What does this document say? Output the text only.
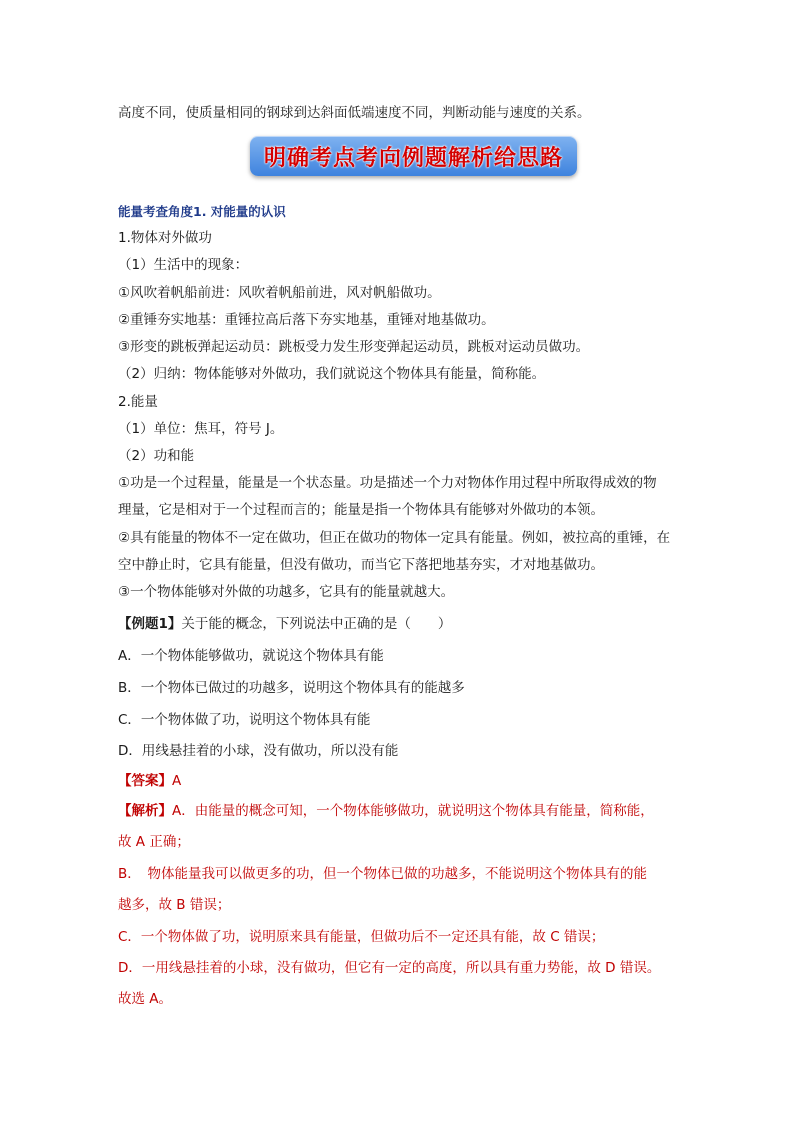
高度不同，使质量相同的钢球到达斜面低端速度不同，判断动能与速度的关系。
明确考点考向例题解析给思路
能量考查角度1. 对能量的认识
1.物体对外做功
（1）生活中的现象：
①风吹着帆船前进：风吹着帆船前进，风对帆船做功。
②重锤夯实地基：重锤拉高后落下夯实地基，重锤对地基做功。
③形变的跳板弹起运动员：跳板受力发生形变弹起运动员，跳板对运动员做功。
（2）归纳：物体能够对外做功，我们就说这个物体具有能量，简称能。
2.能量
（1）单位：焦耳，符号 J。
（2）功和能
①功是一个过程量，能量是一个状态量。功是描述一个力对物体作用过程中所取得成效的物
理量，它是相对于一个过程而言的；能量是指一个物体具有能够对外做功的本领。
②具有能量的物体不一定在做功，但正在做功的物体一定具有能量。例如，被拉高的重锤，在
空中静止时，它具有能量，但没有做功，而当它下落把地基夯实，才对地基做功。
③一个物体能够对外做的功越多，它具有的能量就越大。
【例题1】关于能的概念，下列说法中正确的是（　　）
A．一个物体能够做功，就说这个物体具有能
B．一个物体已做过的功越多，说明这个物体具有的能越多
C．一个物体做了功，说明这个物体具有能
D．用线悬挂着的小球，没有做功，所以没有能
【答案】A
【解析】A．由能量的概念可知，一个物体能够做功，就说明这个物体具有能量，简称能，
故 A 正确；
B．　物体能量我可以做更多的功，但一个物体已做的功越多，不能说明这个物体具有的能
越多，故 B 错误；
C．一个物体做了功，说明原来具有能量，但做功后不一定还具有能，故 C 错误；
D．一用线悬挂着的小球，没有做功，但它有一定的高度，所以具有重力势能，故 D 错误。
故选 A。
